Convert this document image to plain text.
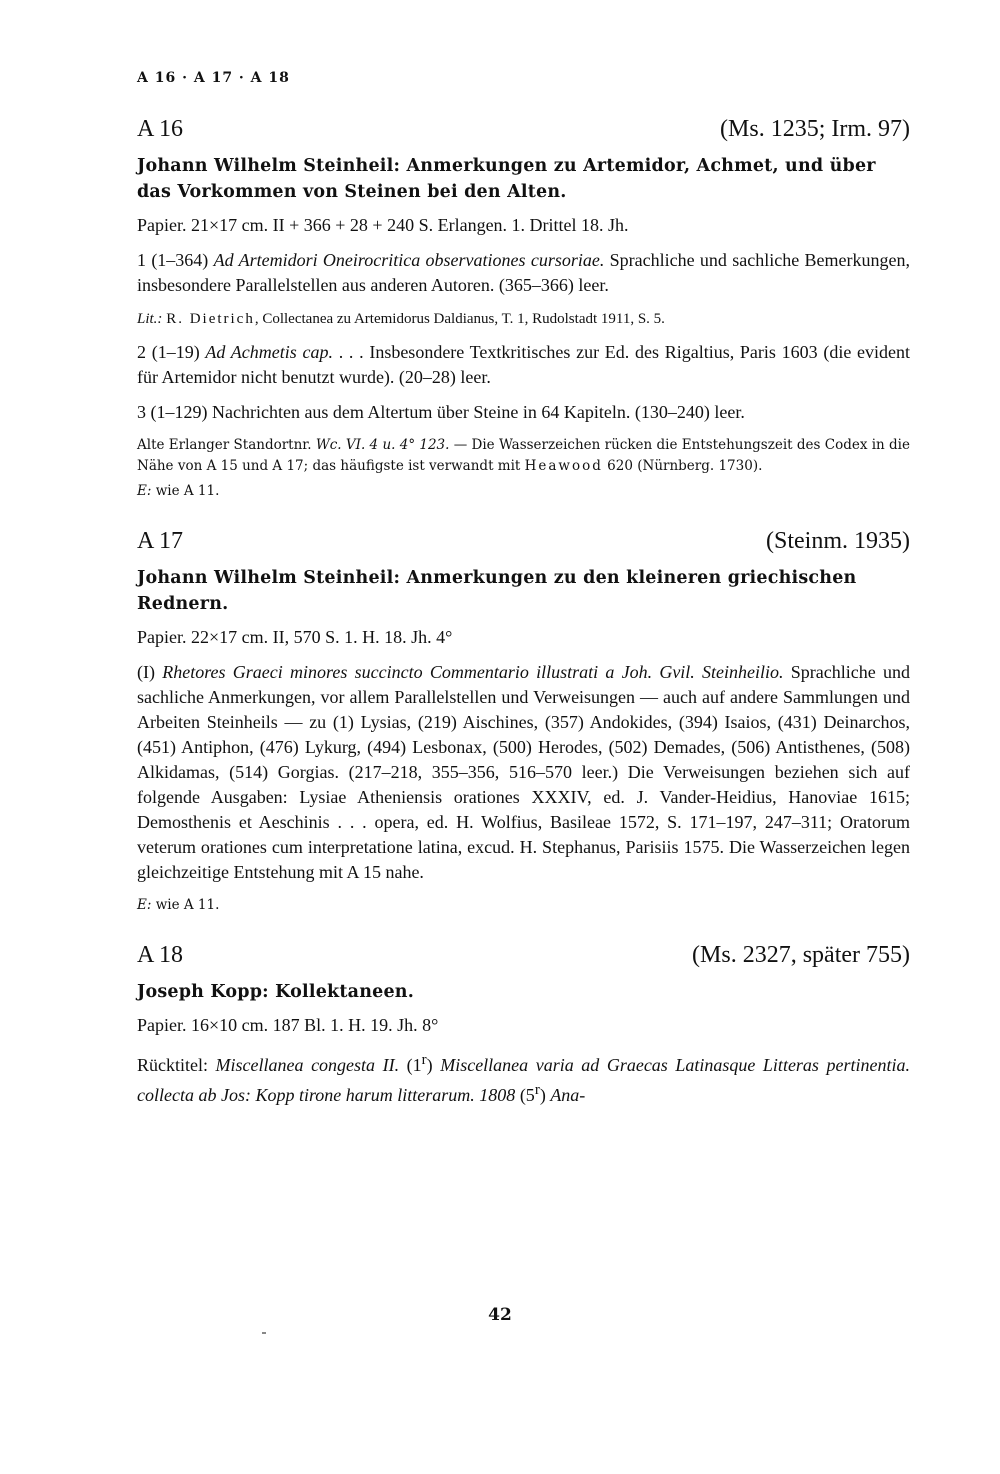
A 16 · A 17 · A 18
A 16	(Ms. 1235; Irm. 97)
Johann Wilhelm Steinheil: Anmerkungen zu Artemidor, Achmet, und über das Vorkommen von Steinen bei den Alten.
Papier. 21×17 cm. II + 366 + 28 + 240 S. Erlangen. 1. Drittel 18. Jh.
1 (1–364) Ad Artemidori Oneirocritica observationes cursoriae. Sprachliche und sachliche Bemerkungen, insbesondere Parallelstellen aus anderen Autoren. (365–366) leer.
Lit.: R. Dietrich, Collectanea zu Artemidorus Daldianus, T. 1, Rudolstadt 1911, S. 5.
2 (1–19) Ad Achmetis cap. . . . Insbesondere Textkritisches zur Ed. des Rigaltius, Paris 1603 (die evident für Artemidor nicht benutzt wurde). (20–28) leer.
3 (1–129) Nachrichten aus dem Altertum über Steine in 64 Kapiteln. (130–240) leer.
Alte Erlanger Standortnr. Wc. VI. 4 u. 4° 123. — Die Wasserzeichen rücken die Entstehungszeit des Codex in die Nähe von A 15 und A 17; das häufigste ist verwandt mit Heawood 620 (Nürnberg. 1730).
E: wie A 11.
A 17	(Steinm. 1935)
Johann Wilhelm Steinheil: Anmerkungen zu den kleineren griechischen Rednern.
Papier. 22×17 cm. II, 570 S. 1. H. 18. Jh. 4°
(I) Rhetores Graeci minores succincto Commentario illustrati a Joh. Gvil. Steinheilio. Sprachliche und sachliche Anmerkungen, vor allem Parallelstellen und Verweisungen — auch auf andere Sammlungen und Arbeiten Steinheils — zu (1) Lysias, (219) Aischines, (357) Andokides, (394) Isaios, (431) Deinarchos, (451) Antiphon, (476) Lykurg, (494) Lesbonax, (500) Herodes, (502) Demades, (506) Antisthenes, (508) Alkidamas, (514) Gorgias. (217–218, 355–356, 516–570 leer.) Die Verweisungen beziehen sich auf folgende Ausgaben: Lysiae Atheniensis orationes XXXIV, ed. J. Vander-Heidius, Hanoviae 1615; Demosthenis et Aeschinis . . . opera, ed. H. Wolfius, Basileae 1572, S. 171–197, 247–311; Oratorum veterum orationes cum interpretatione latina, excud. H. Stephanus, Parisiis 1575. Die Wasserzeichen legen gleichzeitige Entstehung mit A 15 nahe.
E: wie A 11.
A 18	(Ms. 2327, später 755)
Joseph Kopp: Kollektaneen.
Papier. 16×10 cm. 187 Bl. 1. H. 19. Jh. 8°
Rücktitel: Miscellanea congesta II. (1$^r$) Miscellanea varia ad Graecas Latinasque Litteras pertinentia. collecta ab Jos: Kopp tirone harum litterarum. 1808 (5$^r$) Ana-
42
